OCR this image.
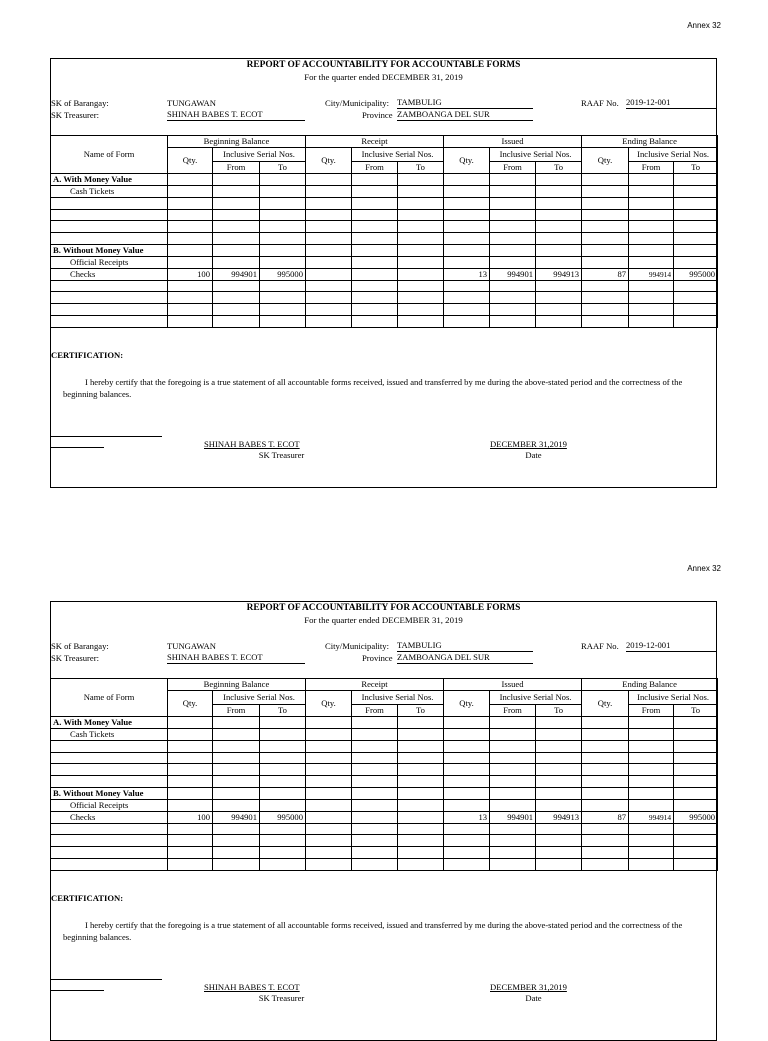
Annex 32
REPORT OF ACCOUNTABILITY FOR ACCOUNTABLE FORMS
For the quarter ended DECEMBER 31, 2019
SK of Barangay:	TUNGAWAN
SK Treasurer:	SHINAH BABES T. ECOT
City/Municipality: TAMBULIG
Province ZAMBOANGA DEL SUR
RAAF No. 2019-12-001
Name of Form	Beginning Balance			Receipt			Issued			Ending Balance		
	Qty.	Inclusive Serial Nos.		Qty.	Inclusive Serial Nos.		Qty.	Inclusive Serial Nos.		Qty.	Inclusive Serial Nos.	
		From	To		From	To		From	To		From	To
A. With Money Value												
Cash Tickets												

B. Without Money Value												
Official Receipts												
Checks	100	994901	995000				13	994901	994913	87	994914	995000

CERTIFICATION:
I hereby certify that the foregoing is a true statement of all accountable forms received, issued and transferred by me during the above-stated period and the correctness of the beginning balances.
SHINAH BABES T. ECOT
SK Treasurer
DECEMBER 31,2019
Date
Annex 32
REPORT OF ACCOUNTABILITY FOR ACCOUNTABLE FORMS
For the quarter ended DECEMBER 31, 2019
SK of Barangay:	TUNGAWAN
SK Treasurer:	SHINAH BABES T. ECOT
City/Municipality: TAMBULIG
Province ZAMBOANGA DEL SUR
RAAF No. 2019-12-001
Name of Form	Beginning Balance			Receipt			Issued			Ending Balance		
	Qty.	Inclusive Serial Nos.		Qty.	Inclusive Serial Nos.		Qty.	Inclusive Serial Nos.		Qty.	Inclusive Serial Nos.	
		From	To		From	To		From	To		From	To
A. With Money Value												
Cash Tickets												

B. Without Money Value												
Official Receipts												
Checks	100	994901	995000				13	994901	994913	87	994914	995000

CERTIFICATION:
I hereby certify that the foregoing is a true statement of all accountable forms received, issued and transferred by me during the above-stated period and the correctness of the beginning balances.
SHINAH BABES T. ECOT
SK Treasurer
DECEMBER 31,2019
Date
